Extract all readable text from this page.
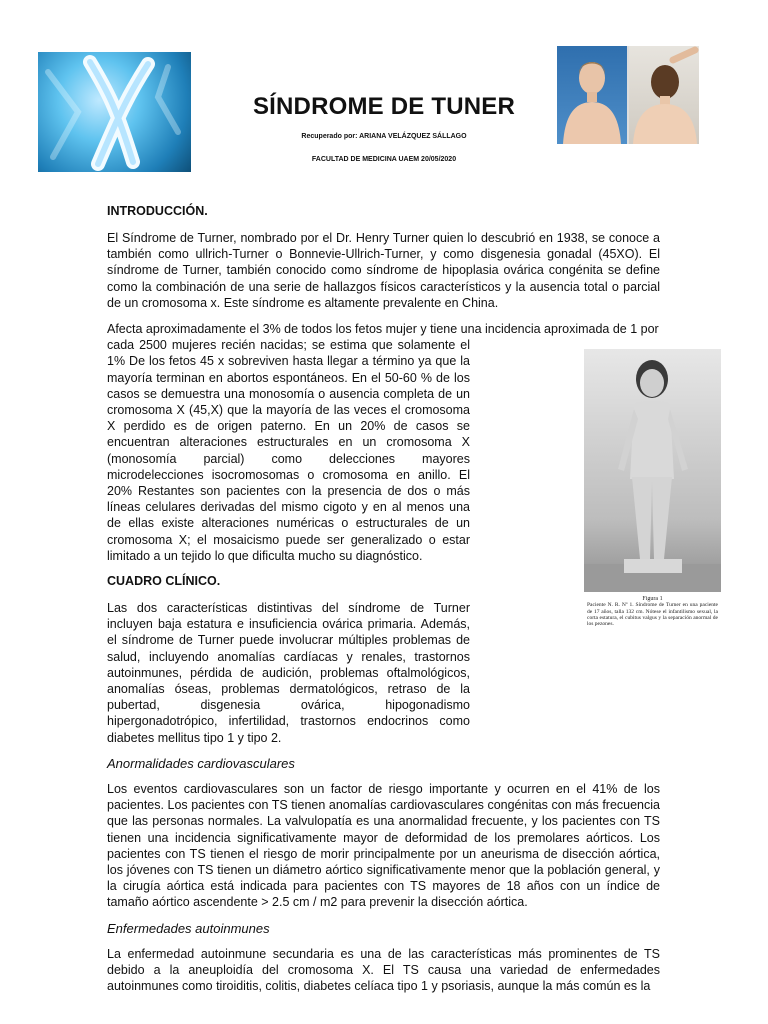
SÍNDROME DE TUNER
Recuperado por: ARIANA VELÁZQUEZ SÁLLAGO
FACULTAD DE MEDICINA UAEM 20/05/2020

INTRODUCCIÓN.

El Síndrome de Turner, nombrado por el Dr. Henry Turner quien lo descubrió en 1938, se conoce a también como ullrich-Turner o Bonnevie-Ullrich-Turner, y como disgenesia gonadal (45XO). El síndrome de Turner, también conocido como síndrome de hipoplasia ovárica congénita se define como la combinación de una serie de hallazgos físicos característicos y la ausencia total o parcial de un cromosoma x. Este síndrome es altamente prevalente en China.

Afecta aproximadamente el 3% de todos los fetos mujer y tiene una incidencia aproximada de 1 por

cada 2500 mujeres recién nacidas; se estima que solamente el 1% De los fetos 45 x sobreviven hasta llegar a término ya que la mayoría terminan en abortos espontáneos. En el 50-60 % de los casos se demuestra una monosomía o ausencia completa de un cromosoma X (45,X) que la mayoría de las veces el cromosoma X perdido es de origen paterno. En un 20% de casos se encuentran alteraciones estructurales en un cromosoma X (monosomía parcial) como delecciones mayores microdelecciones isocromosomas o cromosoma en anillo. El 20% Restantes son pacientes con la presencia de dos o más líneas celulares derivadas del mismo cigoto y en al menos una de ellas existe alteraciones numéricas o estructurales de un cromosoma X; el mosaicismo puede ser generalizado o estar limitado a un tejido lo que dificulta mucho su diagnóstico.

CUADRO CLÍNICO.

Las dos características distintivas del síndrome de Turner incluyen baja estatura e insuficiencia ovárica primaria. Además, el síndrome de Turner puede involucrar múltiples problemas de salud, incluyendo anomalías cardíacas y renales, trastornos autoinmunes, pérdida de audición, problemas oftalmológicos, anomalías óseas, problemas dermatológicos, retraso de la pubertad, disgenesia ovárica, hipogonadismo hipergonadotrópico, infertilidad, trastornos endocrinos como diabetes mellitus tipo 1 y tipo 2.

Anormalidades cardiovasculares

Los eventos cardiovasculares son un factor de riesgo importante y ocurren en el 41% de los pacientes. Los pacientes con TS tienen anomalías cardiovasculares congénitas con más frecuencia que las personas normales. La valvulopatía es una anormalidad frecuente, y los pacientes con TS tienen una incidencia significativamente mayor de deformidad de los premolares aórticos. Los pacientes con TS tienen el riesgo de morir principalmente por un aneurisma de disección aórtica, los jóvenes con TS tienen un diámetro aórtico significativamente menor que la población general, y la cirugía aórtica está indicada para pacientes con TS mayores de 18 años con un índice de tamaño aórtico ascendente > 2.5 cm / m2 para prevenir la disección aórtica.

Enfermedades autoinmunes

La enfermedad autoinmune secundaria es una de las características más prominentes de TS debido a la aneuploidía del cromosoma X. El TS causa una variedad de enfermedades autoinmunes como tiroiditis, colitis, diabetes celíaca tipo 1 y psoriasis, aunque la más común es la

Figura 1
Paciente N. R. Nº 1. Síndrome de Turner en una paciente de 17 años, talla 132 cm. Nótese el infantilismo sexual, la corta estatura, el cubitus valgus y la separación anormal de los pezones.
